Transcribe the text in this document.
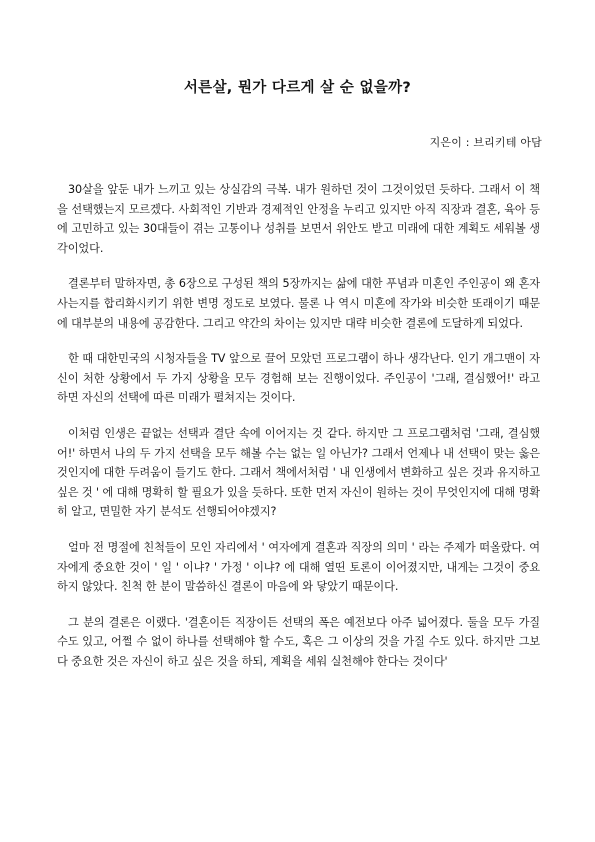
서른살, 뭔가 다르게 살 순 없을까?

지은이 : 브리키테 아담

30살을 앞둔 내가 느끼고 있는 상실감의 극복. 내가 원하던 것이 그것이었던 듯하다. 그래서 이 책을 선택했는지 모르겠다. 사회적인 기반과 경제적인 안정을 누리고 있지만 아직 직장과 결혼, 육아 등에 고민하고 있는 30대들이 겪는 고통이나 성취를 보면서 위안도 받고 미래에 대한 계획도 세워볼 생각이었다.

결론부터 말하자면, 총 6장으로 구성된 책의 5장까지는 삶에 대한 푸념과 미혼인 주인공이 왜 혼자 사는지를 합리화시키기 위한 변명 정도로 보였다. 물론 나 역시 미혼에 작가와 비슷한 또래이기 때문에 대부분의 내용에 공감한다. 그리고 약간의 차이는 있지만 대략 비슷한 결론에 도달하게 되었다.

한 때 대한민국의 시청자들을 TV 앞으로 끌어 모았던 프로그램이 하나 생각난다. 인기 개그맨이 자신이 처한 상황에서 두 가지 상황을 모두 경험해 보는 진행이었다. 주인공이 '그래, 결심했어!' 라고 하면 자신의 선택에 따른 미래가 펼쳐지는 것이다.

이처럼 인생은 끝없는 선택과 결단 속에 이어지는 것 같다. 하지만 그 프로그램처럼 '그래, 결심했어!' 하면서 나의 두 가지 선택을 모두 해볼 수는 없는 일 아닌가? 그래서 언제나 내 선택이 맞는 옳은 것인지에 대한 두려움이 들기도 한다. 그래서 책에서처럼 ' 내 인생에서 변화하고 싶은 것과 유지하고 싶은 것 ' 에 대해 명확히 할 필요가 있을 듯하다. 또한 먼저 자신이 원하는 것이 무엇인지에 대해 명확히 알고, 면밀한 자기 분석도 선행되어야겠지?

얼마 전 명절에 친척들이 모인 자리에서 ' 여자에게 결혼과 직장의 의미 ' 라는 주제가 떠올랐다. 여자에게 중요한 것이 ' 일 ' 이냐? ' 가정 ' 이냐? 에 대해 열띤 토론이 이어졌지만, 내게는 그것이 중요하지 않았다. 친척 한 분이 말씀하신 결론이 마음에 와 닿았기 때문이다.

그 분의 결론은 이랬다. '결혼이든 직장이든 선택의 폭은 예전보다 아주 넓어졌다. 둘을 모두 가질 수도 있고, 어쩔 수 없이 하나를 선택해야 할 수도, 혹은 그 이상의 것을 가질 수도 있다. 하지만 그보다 중요한 것은 자신이 하고 싶은 것을 하되, 계획을 세워 실천해야 한다는 것이다'
